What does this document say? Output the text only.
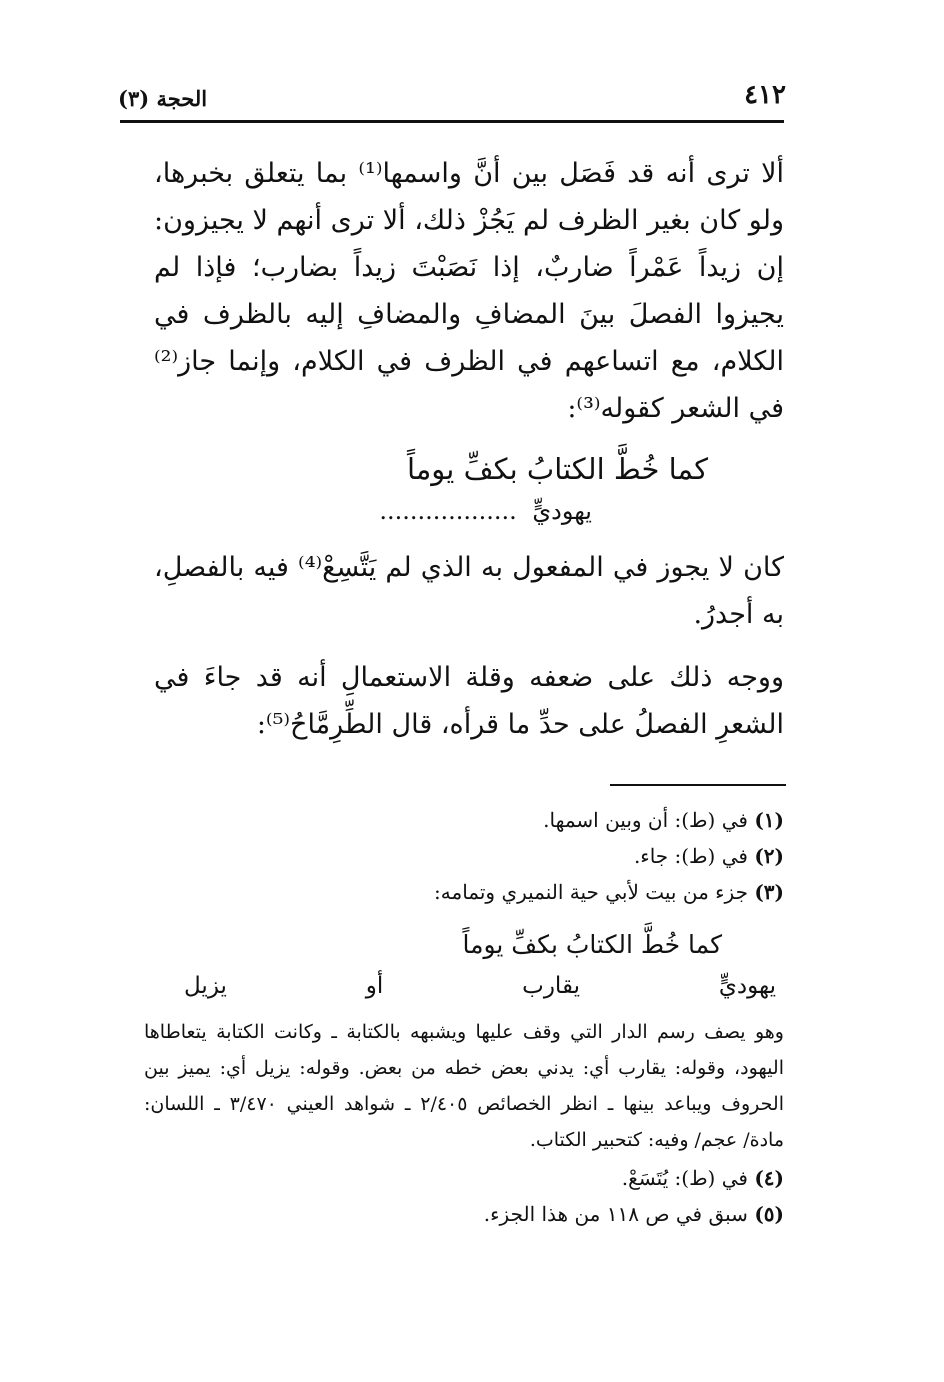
٤١٢
الحجة (٣)

ألا ترى أنه قد فَصَل بين أنَّ واسمها⁽¹⁾ بما يتعلق بخبرها، ولو كان بغير الظرف لم يَجُزْ ذلك، ألا ترى أنهم لا يجيزون: إن زيداً عَمْراً ضاربٌ، إذا نَصَبْتَ زيداً بضارب؛ فإذا لم يجيزوا الفصلَ بينَ المضافِ والمضافِ إليه بالظرف في الكلام، مع اتساعهم في الظرف في الكلام، وإنما جاز⁽²⁾ في الشعر كقوله⁽³⁾:

كما خُطَّ الكتابُ بكفِّ يوماً
يهوديٍّ ..................

كان لا يجوز في المفعول به الذي لم يَتَّسِعْ⁽⁴⁾ فيه بالفصلِ، به أجدرُ.

ووجه ذلك على ضعفه وقلة الاستعمالِ أنه قد جاءَ في الشعرِ الفصلُ على حدِّ ما قرأه، قال الطِّرِمَّاحُ⁽⁵⁾:

(١) في (ط): أن وبين اسمها.

(٢) في (ط): جاء.

(٣) جزء من بيت لأبي حية النميري وتمامه:

كما خُطَّ الكتابُ بكفِّ يوماً
يهوديٍّ
يقارب
أو
يزيل

وهو يصف رسم الدار التي وقف عليها ويشبهه بالكتابة ـ وكانت الكتابة يتعاطاها اليهود، وقوله: يقارب أي: يدني بعض خطه من بعض. وقوله: يزيل أي: يميز بين الحروف ويباعد بينها ـ انظر الخصائص ٢/٤٠٥ ـ شواهد العيني ٣/٤٧٠ ـ اللسان: مادة/ عجم/ وفيه: كتحبير الكتاب.

(٤) في (ط): يُتَسَعْ.

(٥) سبق في ص ١١٨ من هذا الجزء.
